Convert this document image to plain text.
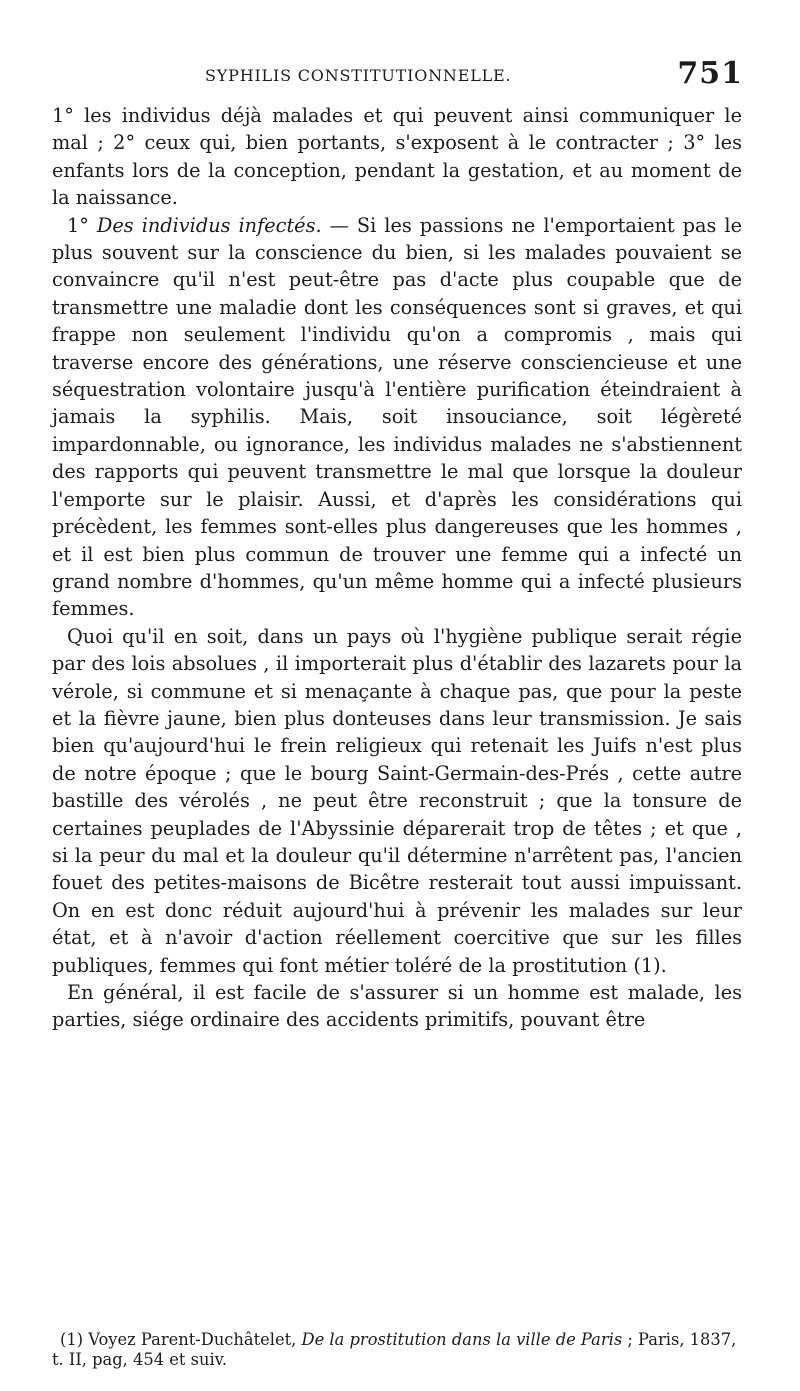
SYPHILIS CONSTITUTIONNELLE.	751

1° les individus déjà malades et qui peuvent ainsi communiquer le mal ; 2° ceux qui, bien portants, s'exposent à le contracter ; 3° les enfants lors de la conception, pendant la gestation, et au moment de la naissance.

1° Des individus infectés. — Si les passions ne l'emportaient pas le plus souvent sur la conscience du bien, si les malades pouvaient se convaincre qu'il n'est peut-être pas d'acte plus coupable que de transmettre une maladie dont les conséquences sont si graves, et qui frappe non seulement l'individu qu'on a compromis , mais qui traverse encore des générations, une réserve consciencieuse et une séquestration volontaire jusqu'à l'entière purification éteindraient à jamais la syphilis. Mais, soit insouciance, soit légèreté impardonnable, ou ignorance, les individus malades ne s'abstiennent des rapports qui peuvent transmettre le mal que lorsque la douleur l'emporte sur le plaisir. Aussi, et d'après les considérations qui précèdent, les femmes sont-elles plus dangereuses que les hommes , et il est bien plus commun de trouver une femme qui a infecté un grand nombre d'hommes, qu'un même homme qui a infecté plusieurs femmes.

Quoi qu'il en soit, dans un pays où l'hygiène publique serait régie par des lois absolues , il importerait plus d'établir des lazarets pour la vérole, si commune et si menaçante à chaque pas, que pour la peste et la fièvre jaune, bien plus donteuses dans leur transmission. Je sais bien qu'aujourd'hui le frein religieux qui retenait les Juifs n'est plus de notre époque ; que le bourg Saint-Germain-des-Prés , cette autre bastille des vérolés , ne peut être reconstruit ; que la tonsure de certaines peuplades de l'Abyssinie déparerait trop de têtes ; et que , si la peur du mal et la douleur qu'il détermine n'arrêtent pas, l'ancien fouet des petites-maisons de Bicêtre resterait tout aussi impuissant. On en est donc réduit aujourd'hui à prévenir les malades sur leur état, et à n'avoir d'action réellement coercitive que sur les filles publiques, femmes qui font métier toléré de la prostitution (1).

En général, il est facile de s'assurer si un homme est malade, les parties, siége ordinaire des accidents primitifs, pouvant être

(1) Voyez Parent-Duchâtelet, De la prostitution dans la ville de Paris ; Paris, 1837, t. II, pag, 454 et suiv.
